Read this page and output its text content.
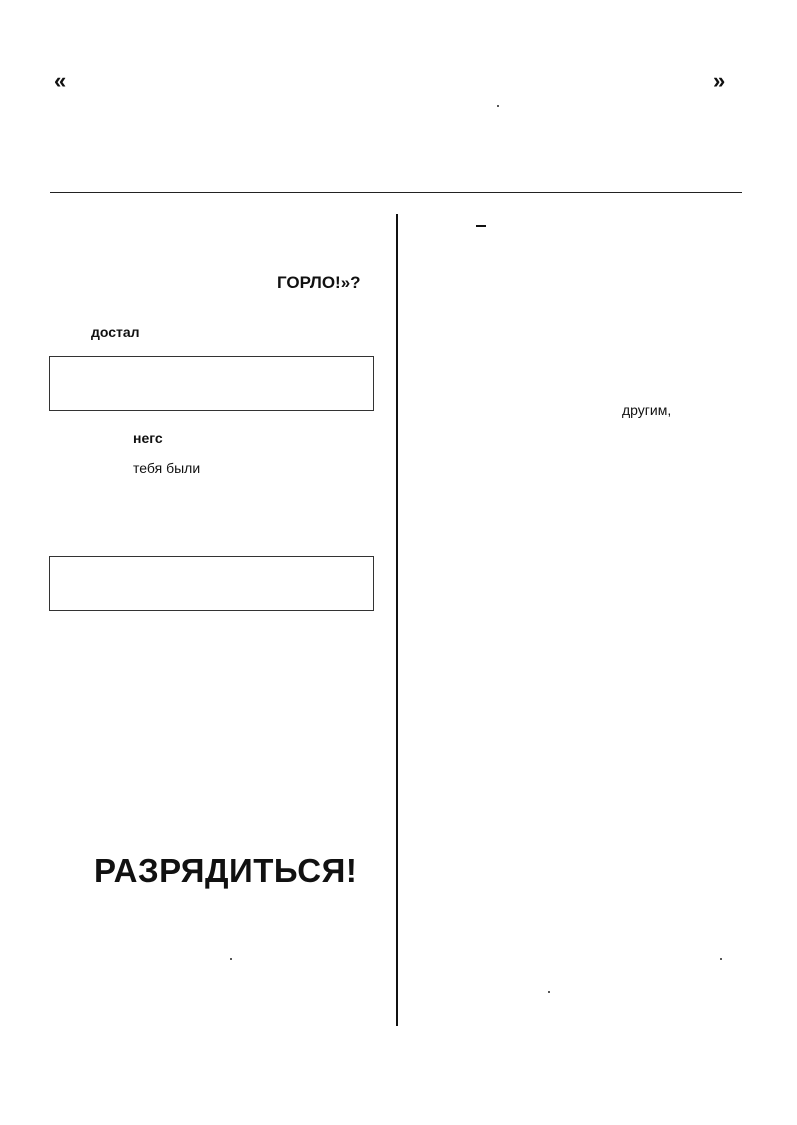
«	»
ГОРЛО!»?
достал
негс
тебя были
РАЗРЯДИТЬСЯ!
другим,
